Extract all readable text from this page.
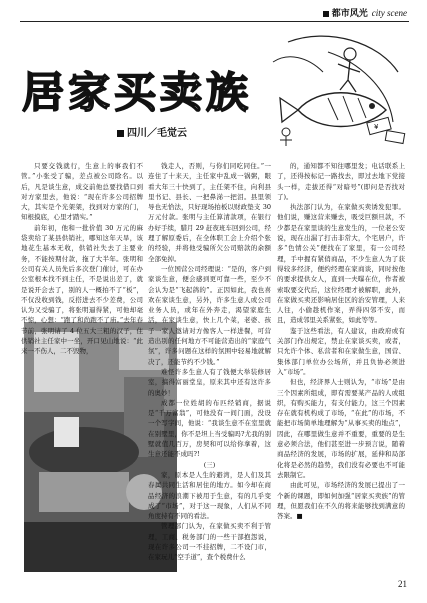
都市风光 city scene
居家买卖族
四川／毛觉云
¥

只要交钱就行，生意上的事我们不管。”小张受了骗，差点被公司除名。以后，凡是谈生意，成交前他总要找借口到对方家里去，他说：“现在许多公司招牌大，其实是个光架架，找到对方家的门，知根摸底，心里才踏实。”

前年初，他和一批价值 30 万元的麻袋卖给了某县供销社，哪知这年天旱，该地花生基本无收，供销社失去了主要业务，不能按期付款，拖了大半年。张明和公司有关人员先后多次登门催讨，可在办公室根本找不到主任，不是说出差了，就是说开会去了，别的人一概拍不了“板”，不仅没收到钱，反搭进去不少差费，公司认为又受骗了，将张明逼得紧，可他却毫不惊，心想：“跑了和尚跑不了庙。”去年春节前，张明请了 4 位五大三粗的汉子，住供销社主任家中一坐，开口见山地说：“此来一不伤人，二不毁物，

钱走人，否则，与你们同吃同住。”一连住了十来天，主任家中乱成一锅粥，眼看大年三十快到了，主任架不住，向利县里书记、县长、一把鼻涕一把泪。县里领导也无恰法，只好现场拍板以财政垫支 30 万元付款。张明与主任算清款项，在银行办好手续，腊月 29 赶夜班车回到公司，经理了解原委后，在全体职工会上介绍个张的经验，并将他受骗所欠公司赔款的余额全部免掉。

一位国营公司经理说：“是的，客户到家谈生意，便会感到更可靠一些，至少不会认为是“飞起鸽的”。正因如此，我也喜欢在家谈生意，另外，许多生意人或公司业务人员，或年在外奔走，渴望家庭生活，在家谈生意，快上几个菜，老婆、孩子一家人邀请对方像客人一样进餐，可营造出别的任何地方不可能营造出的“家庭气氛”，许多问题在这样的氛围中轻易地就解决了，还能节约不少钱。”

难怪许多生意人有了钱便大举装修居室，搞得富丽堂皇，原来其中还有这许多的奥妙！

成都一位姓胡的布匹经销商，据说是“千万富翁”，可他没有一间门面，没设一个写字间，他说：“我谈生意不在室里就在别墅里，你不是坦上当受骗吗?尤我的别墅就值几百万，房契和可以给你拿着，这生意还能不成吗?!

(三)

家，原本是人生的避湾，是人们及其春属共同生活和居住的地方。如今却在商品经济的浪潮下被用于生意，有的几乎变成了“市场”，对于这一现象，人们从不同角度持有不同的看法。

管理部门认为，在家做买卖不利于管理，工商、税务部门的一些干部抱怨说，现在许多公司一不挂招牌，二不设门市，在家玩儿“空手道”，查个税费什么

的，通知都不知往哪里发；电话联系上了，还得按标记一路找去，即过去地下党接头一样，走拔还得“对暗号”(即问是否找对了)。

执法部门认为，在家做买卖诱发犯罪。他们说，赚这营来赚去，吸受巨额旦款，不少都是在家里谈的生意发生的，一位老公安说，现在出漏了打击非常大，个宅居户，许多“色情公关”便找在了家里，有一公司经理，手中握有紧俏商品，不少生意人为了获得较多经济，便约经理在家商谈，同时按他的要求提供女人，直到一夫曝在位，作者被索取要交代后，这位经理才被解职，此外，在家做买卖还影响居住区的治安管理，人来人往，小偷趁机作案，弄得四邻不安，而且，造成邻里关系紧张，如此等等。

鉴于这些看法，有人建议，由政府或有关部门作出规定，禁止在家谈买卖，或者，只允许个体、私营者和在家做生意，国营、集体部门单位办公场所，并且负协必须进入“市场”。

但也，经济界人士则认为，“市场”是由三个因素所组成，即有需要某产品的人或组织，有购买能力，有支付能力，这三个因素存在就有机构成了市场，“在此”的市场，不能把市场简单地理解为“从事买卖的地点”，因此，在哪里做生意并不重要，重要的是生意必须合法，他们甚至进一步预言说，随着商品经济的发展，市场的扩展，延伸和局部化将是必然的趋势，我们没有必要也不可能去限制它。

由此可见，市场经济的发展已提出了一个新的课题，即如何加强“居家买卖族”的管理，但愿我们在不久的将来能够找到满意的答案。■

21
